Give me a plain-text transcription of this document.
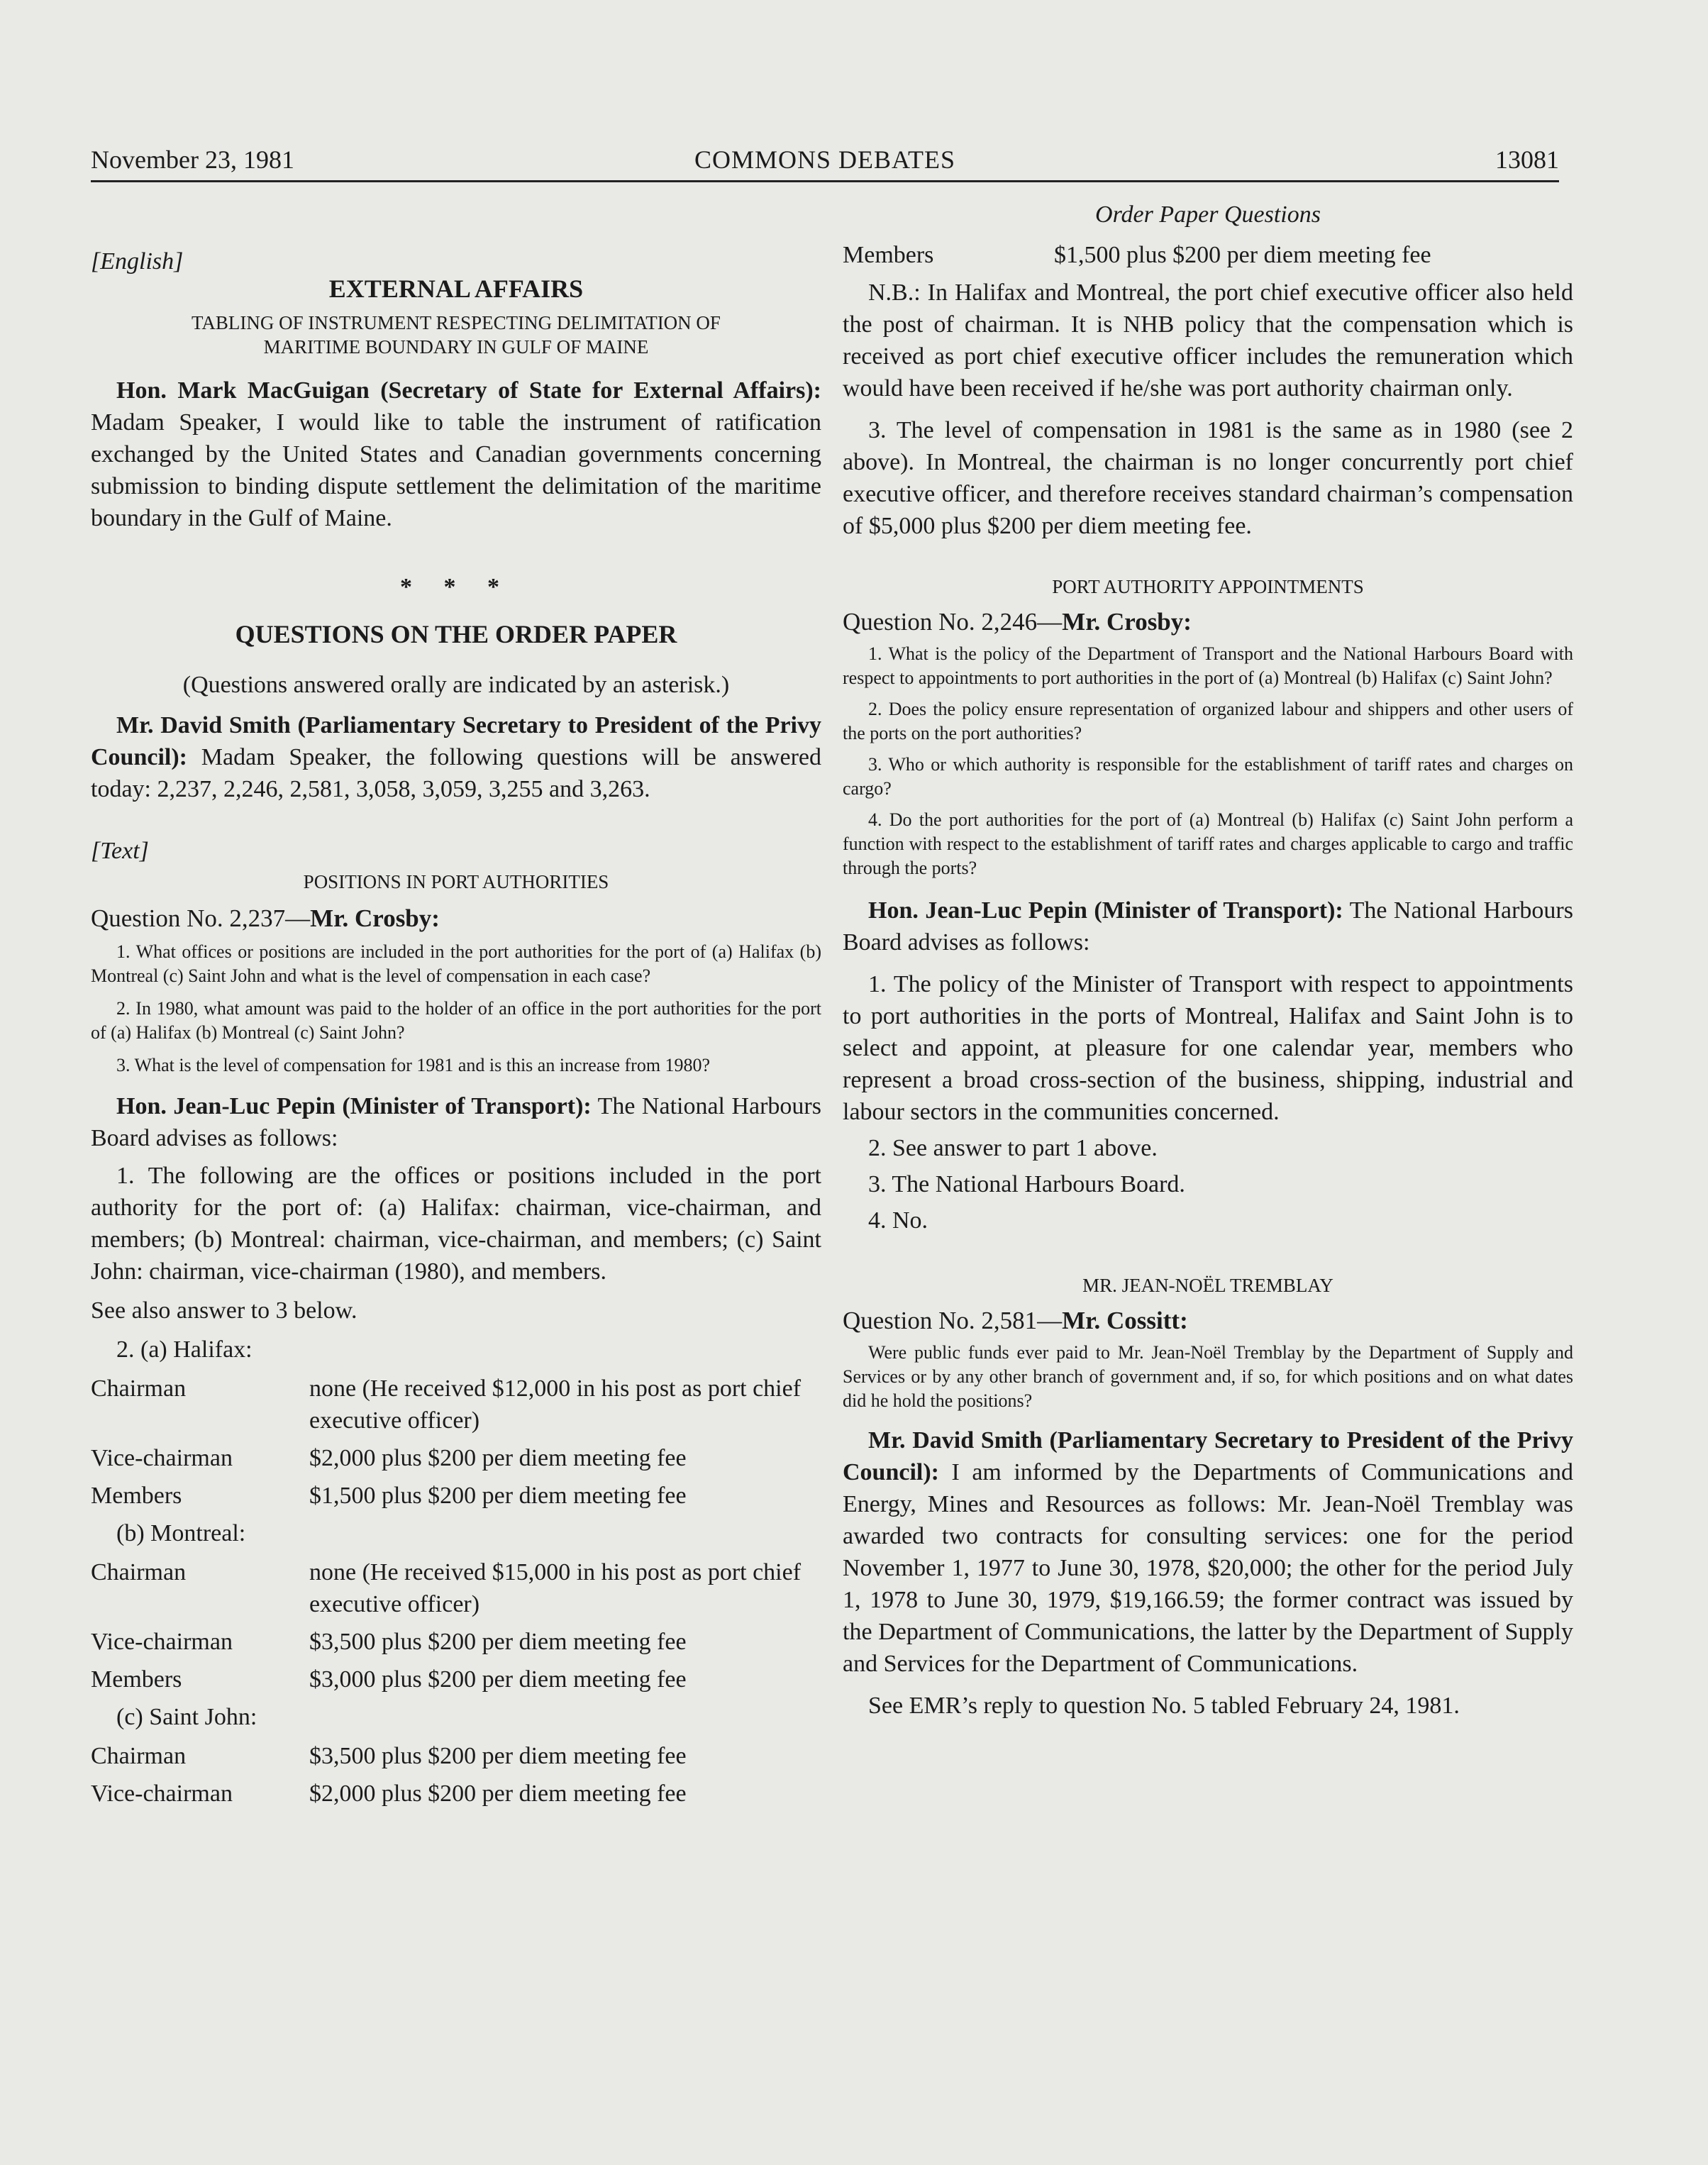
November 23, 1981	COMMONS DEBATES	13081

[English]

EXTERNAL AFFAIRS

TABLING OF INSTRUMENT RESPECTING DELIMITATION OF

MARITIME BOUNDARY IN GULF OF MAINE

Hon. Mark MacGuigan (Secretary of State for External Affairs): Madam Speaker, I would like to table the instrument of ratification exchanged by the United States and Canadian governments concerning submission to binding dispute settlement the delimitation of the maritime boundary in the Gulf of Maine.

* * *

QUESTIONS ON THE ORDER PAPER

(Questions answered orally are indicated by an asterisk.)

Mr. David Smith (Parliamentary Secretary to President of the Privy Council): Madam Speaker, the following questions will be answered today: 2,237, 2,246, 2,581, 3,058, 3,059, 3,255 and 3,263.

[Text]

POSITIONS IN PORT AUTHORITIES

Question No. 2,237—Mr. Crosby:

1. What offices or positions are included in the port authorities for the port of (a) Halifax (b) Montreal (c) Saint John and what is the level of compensation in each case?

2. In 1980, what amount was paid to the holder of an office in the port authorities for the port of (a) Halifax (b) Montreal (c) Saint John?

3. What is the level of compensation for 1981 and is this an increase from 1980?

Hon. Jean-Luc Pepin (Minister of Transport): The National Harbours Board advises as follows:

1. The following are the offices or positions included in the port authority for the port of: (a) Halifax: chairman, vice-chairman, and members; (b) Montreal: chairman, vice-chairman, and members; (c) Saint John: chairman, vice-chairman (1980), and members.

See also answer to 3 below.

2. (a) Halifax:

Chairman	none (He received $12,000 in his post as port chief executive officer)
Vice-chairman	$2,000 plus $200 per diem meeting fee
Members	$1,500 plus $200 per diem meeting fee

(b) Montreal:

Chairman	none (He received $15,000 in his post as port chief executive officer)
Vice-chairman	$3,500 plus $200 per diem meeting fee
Members	$3,000 plus $200 per diem meeting fee

(c) Saint John:

Chairman	$3,500 plus $200 per diem meeting fee
Vice-chairman	$2,000 plus $200 per diem meeting fee

Order Paper Questions

Members	$1,500 plus $200 per diem meeting fee

N.B.: In Halifax and Montreal, the port chief executive officer also held the post of chairman. It is NHB policy that the compensation which is received as port chief executive officer includes the remuneration which would have been received if he/she was port authority chairman only.

3. The level of compensation in 1981 is the same as in 1980 (see 2 above). In Montreal, the chairman is no longer concurrently port chief executive officer, and therefore receives standard chairman’s compensation of $5,000 plus $200 per diem meeting fee.

PORT AUTHORITY APPOINTMENTS

Question No. 2,246—Mr. Crosby:

1. What is the policy of the Department of Transport and the National Harbours Board with respect to appointments to port authorities in the port of (a) Montreal (b) Halifax (c) Saint John?

2. Does the policy ensure representation of organized labour and shippers and other users of the ports on the port authorities?

3. Who or which authority is responsible for the establishment of tariff rates and charges on cargo?

4. Do the port authorities for the port of (a) Montreal (b) Halifax (c) Saint John perform a function with respect to the establishment of tariff rates and charges applicable to cargo and traffic through the ports?

Hon. Jean-Luc Pepin (Minister of Transport): The National Harbours Board advises as follows:

1. The policy of the Minister of Transport with respect to appointments to port authorities in the ports of Montreal, Halifax and Saint John is to select and appoint, at pleasure for one calendar year, members who represent a broad cross-section of the business, shipping, industrial and labour sectors in the communities concerned.

2. See answer to part 1 above.

3. The National Harbours Board.

4. No.

MR. JEAN-NOËL TREMBLAY

Question No. 2,581—Mr. Cossitt:

Were public funds ever paid to Mr. Jean-Noël Tremblay by the Department of Supply and Services or by any other branch of government and, if so, for which positions and on what dates did he hold the positions?

Mr. David Smith (Parliamentary Secretary to President of the Privy Council): I am informed by the Departments of Communications and Energy, Mines and Resources as follows: Mr. Jean-Noël Tremblay was awarded two contracts for consulting services: one for the period November 1, 1977 to June 30, 1978, $20,000; the other for the period July 1, 1978 to June 30, 1979, $19,166.59; the former contract was issued by the Department of Communications, the latter by the Department of Supply and Services for the Department of Communications.

See EMR’s reply to question No. 5 tabled February 24, 1981.
